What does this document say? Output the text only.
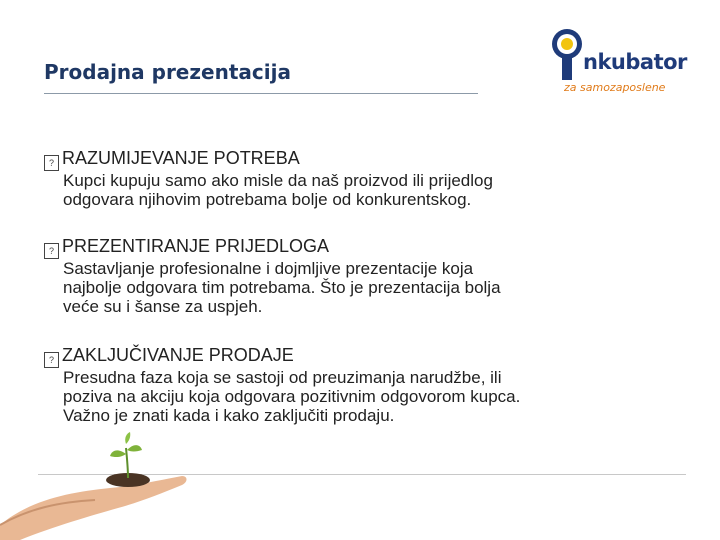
Prodajna prezentacija	nkubator
za samozaposlene
? RAZUMIJEVANJE POTREBA
Kupci kupuju samo ako misle da naš proizvod ili prijedlog
odgovara njihovim potrebama bolje od konkurentskog.
? PREZENTIRANJE PRIJEDLOGA
Sastavljanje profesionalne i dojmljive prezentacije koja
najbolje odgovara tim potrebama. Što je prezentacija bolja
veće su i šanse za uspjeh.
? ZAKLJUČIVANJE PRODAJE
Presudna faza koja se sastoji od preuzimanja narudžbe, ili
poziva na akciju koja odgovara pozitivnim odgovorom kupca.
Važno je znati kada i kako zaključiti prodaju.
